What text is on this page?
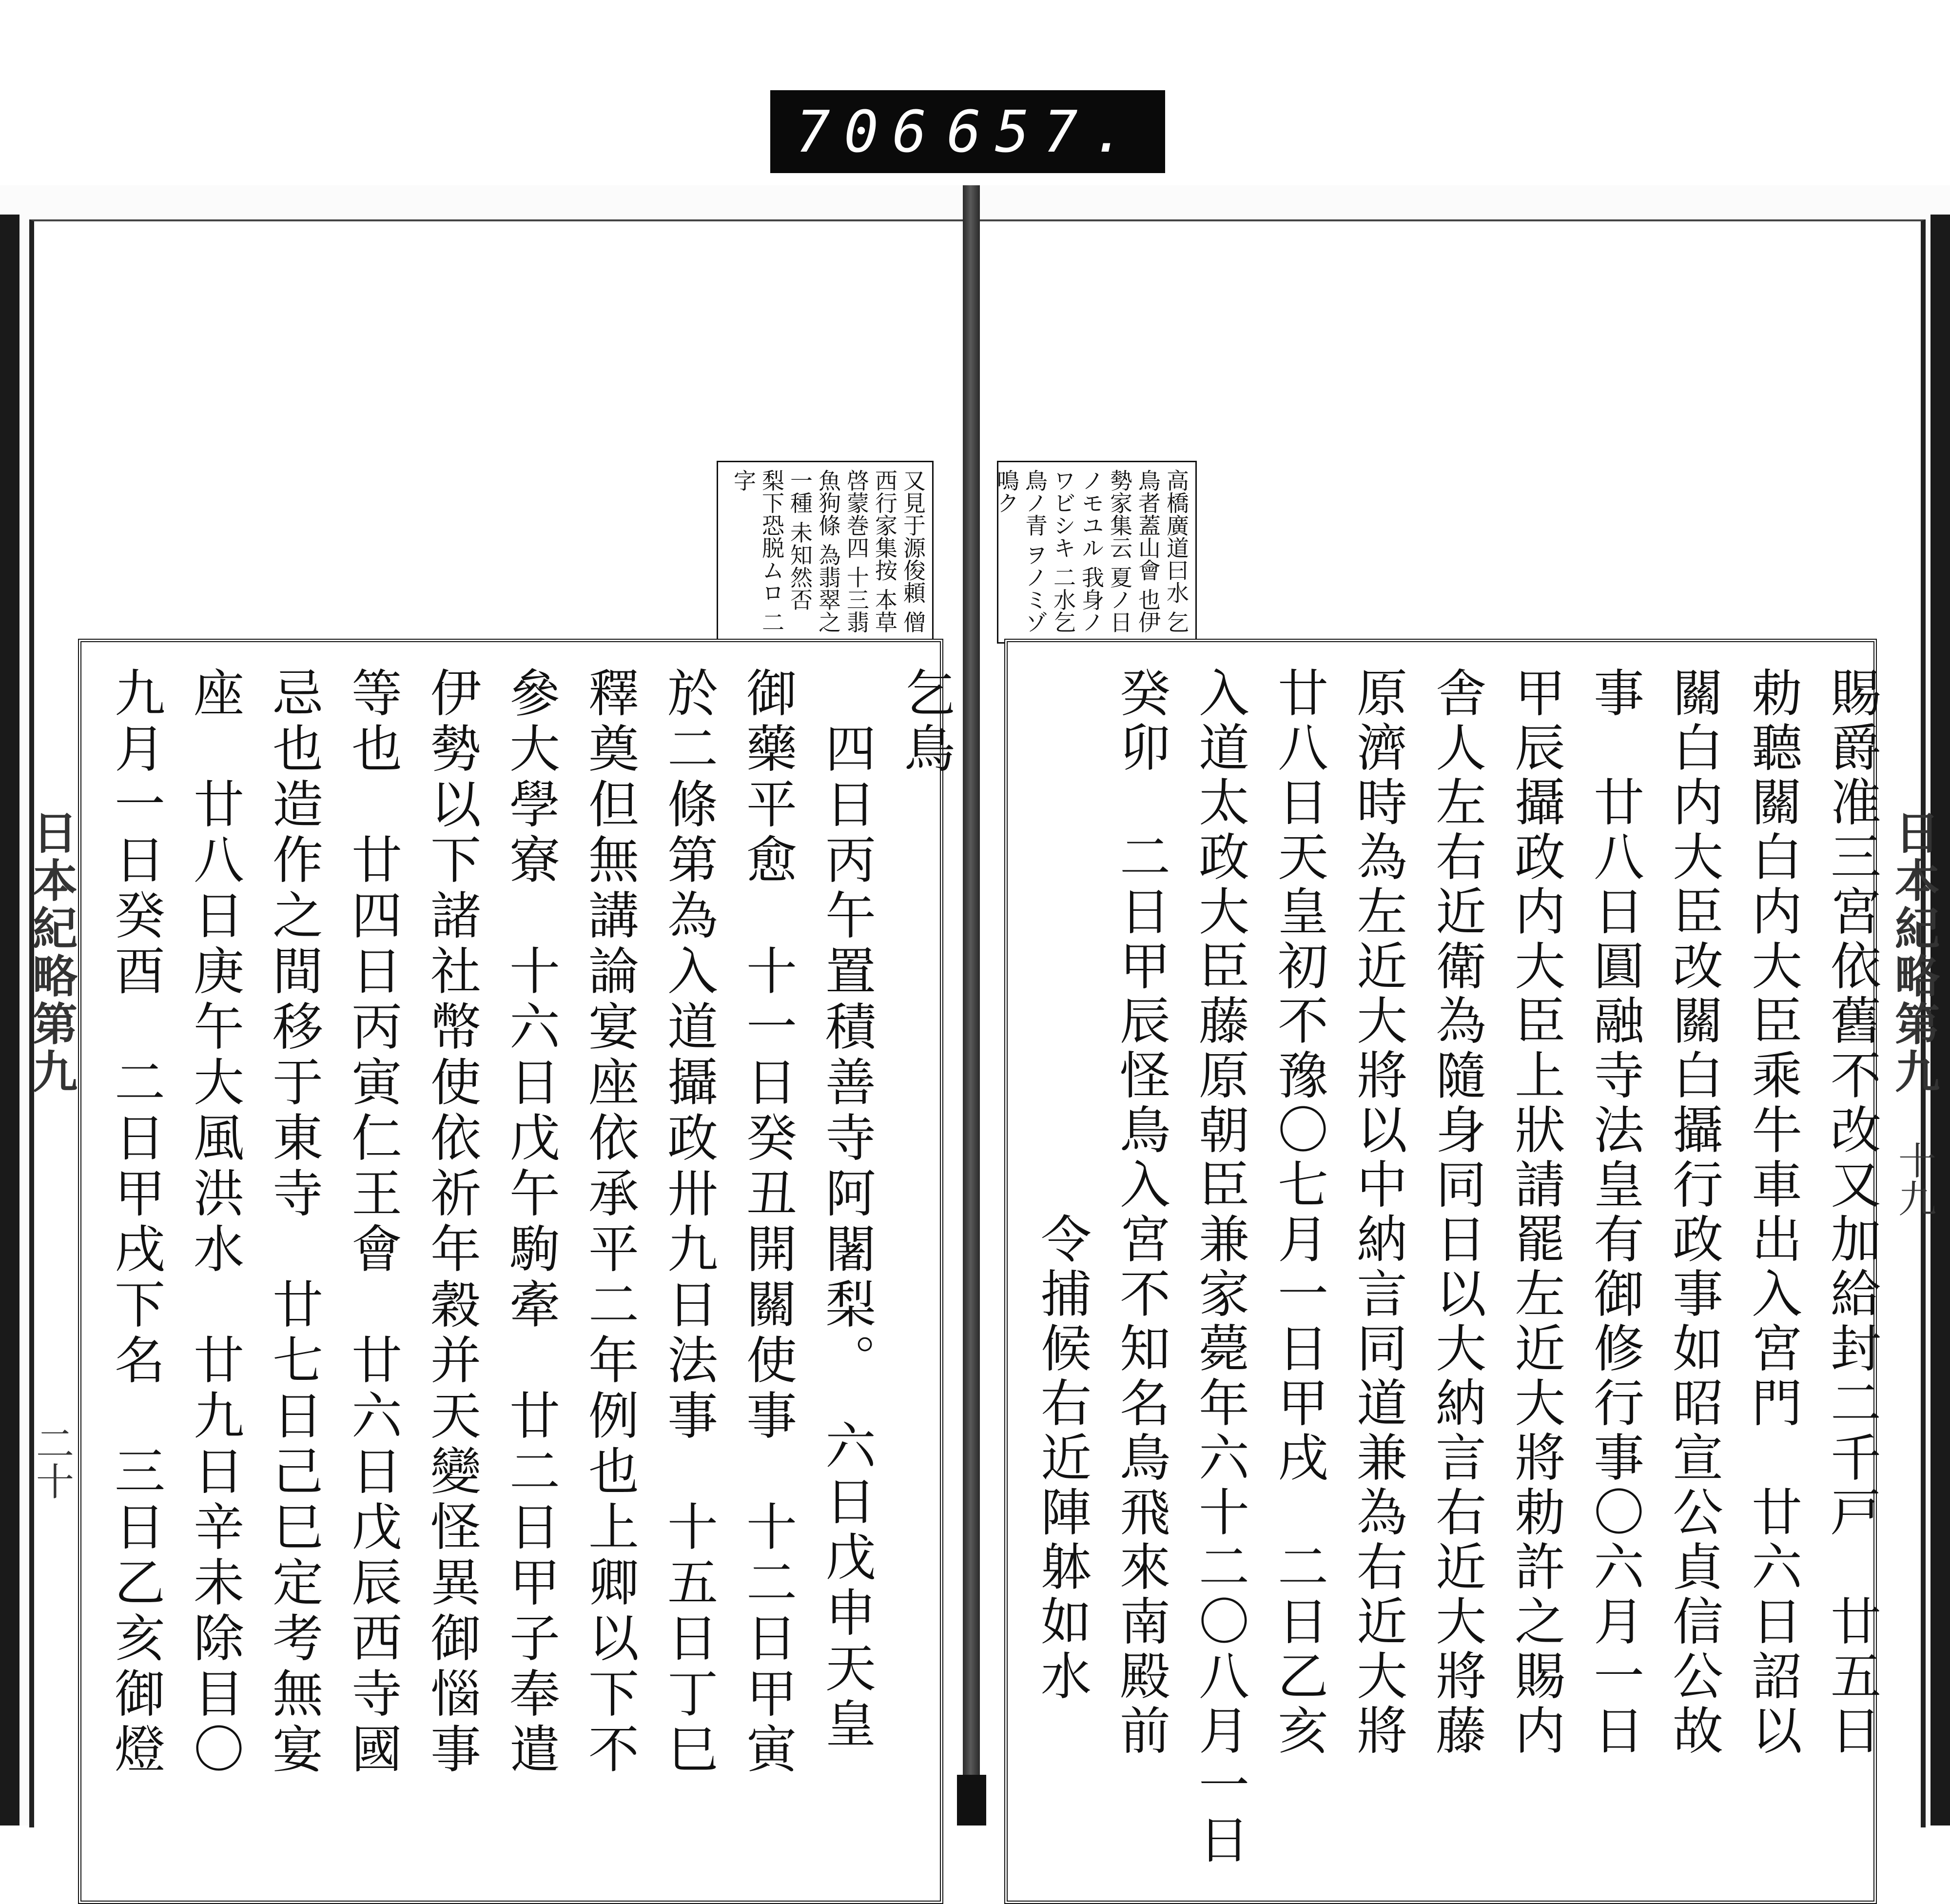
706 657.
日本紀略第九
二十
日本紀略第九
十九
又見于源俊頼 僧西行家集按 本草啓蒙巻四 十三翡魚狗條 為翡翠之一種 未知然否 梨下恐脱ムロ 二字	高橋廣道曰水 乞鳥者蓋山會 也伊勢家集云 夏ノ日ノモユル 我身ノワビシキ 二水乞鳥ノ青 ヲノミゾ鳴ク
乞鳥
　四日丙午置積善寺阿闍梨。　六日戊申天皇
御藥平愈　十一日癸丑開關使事　十二日甲寅
於二條第為入道攝政卅九日法事　十五日丁巳
釋奠但無講論宴座依承平二年例也上卿以下不
參大學寮　十六日戊午駒牽　廿二日甲子奉遣
伊勢以下諸社幣使依祈年穀并天變怪異御惱事
等也　廿四日丙寅仁王會　廿六日戊辰西寺國
忌也造作之間移于東寺　廿七日己巳定考無宴
座　廿八日庚午大風洪水　廿九日辛未除目〇
九月一日癸酉　二日甲戌下名　三日乙亥御燈
賜爵准三宮依舊不改又加給封二千戸　廿五日
勅聽關白内大臣乘牛車出入宮門　廿六日詔以
關白内大臣改關白攝行政事如昭宣公貞信公故
事　廿八日圓融寺法皇有御修行事〇六月一日
甲辰攝政内大臣上狀請罷左近大將勅許之賜内
舎人左右近衛為隨身同日以大納言右近大將藤
原濟時為左近大將以中納言同道兼為右近大將
廿八日天皇初不豫〇七月一日甲戌　二日乙亥
入道太政大臣藤原朝臣兼家薨年六十二〇八月一日
癸卯　二日甲辰怪鳥入宮不知名鳥飛來南殿前
　　　　　　　　　　令捕候右近陣躰如水
